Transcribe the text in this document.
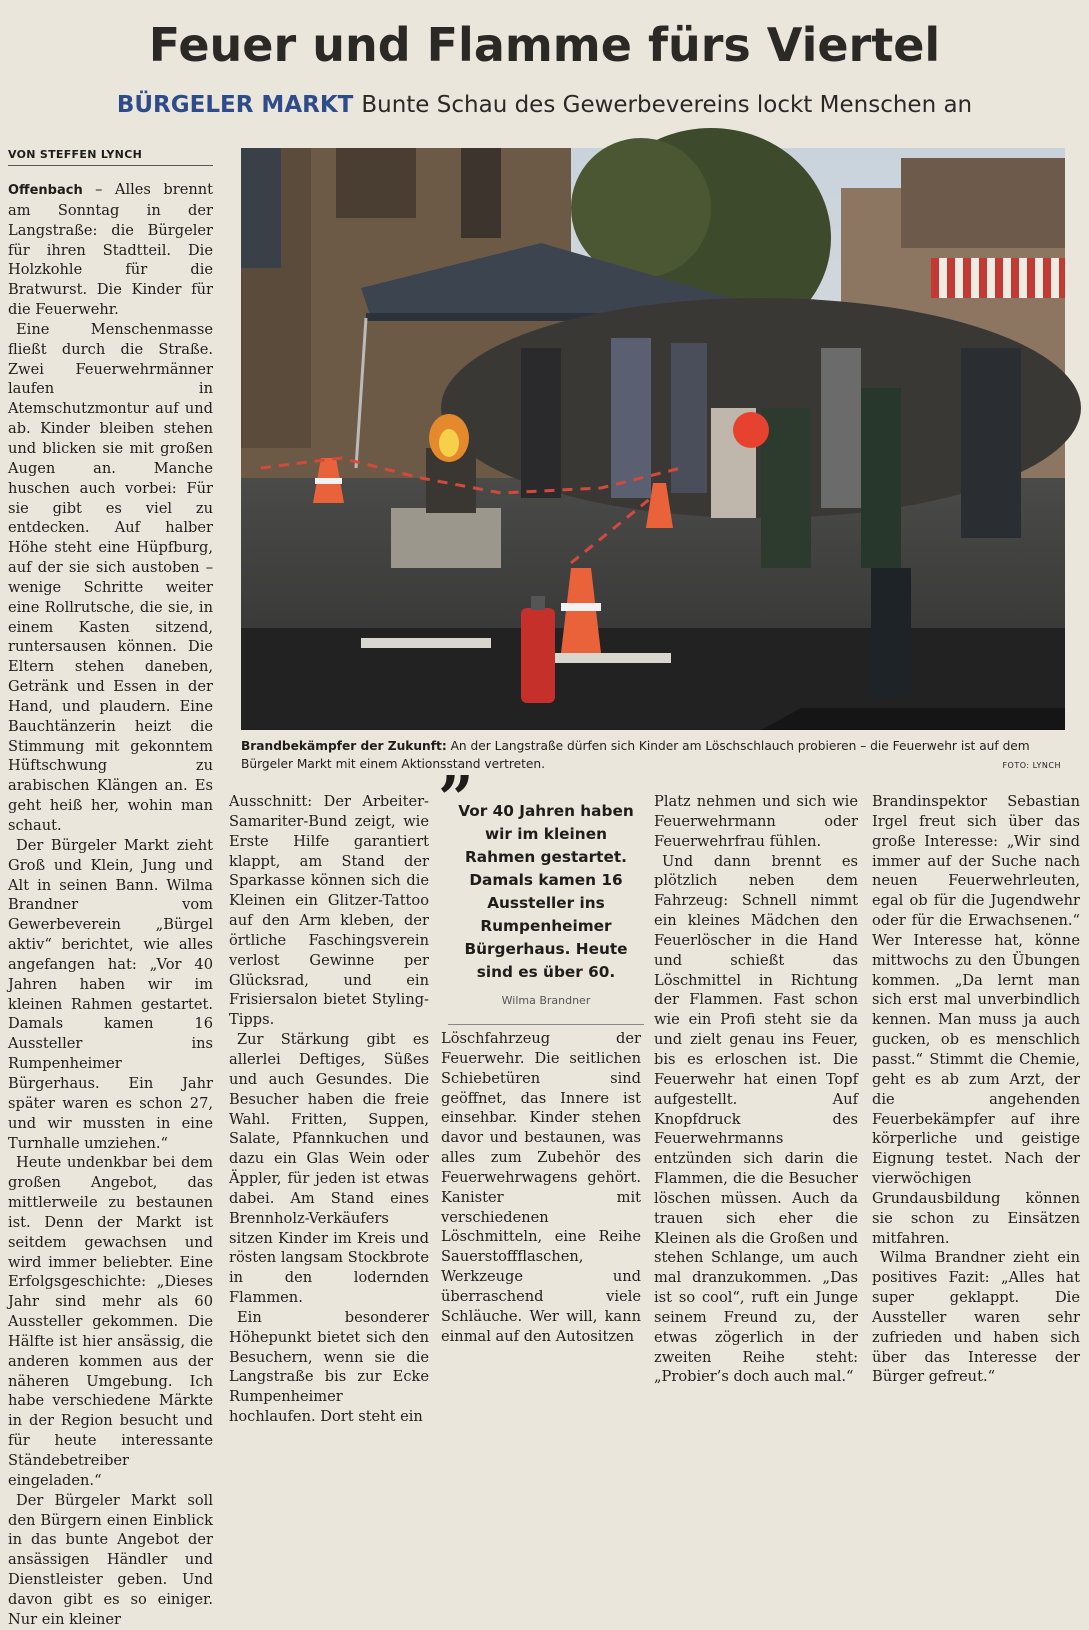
Feuer und Flamme fürs Viertel
BÜRGELER MARKT Bunte Schau des Gewerbevereins lockt Menschen an
VON STEFFEN LYNCH

Offenbach – Alles brennt am Sonntag in der Langstraße: die Bürgeler für ihren Stadtteil. Die Holzkohle für die Bratwurst. Die Kinder für die Feuerwehr.

Eine Menschenmasse fließt durch die Straße. Zwei Feuerwehrmänner laufen in Atemschutzmontur auf und ab. Kinder bleiben stehen und blicken sie mit großen Augen an. Manche huschen auch vorbei: Für sie gibt es viel zu entdecken. Auf halber Höhe steht eine Hüpfburg, auf der sie sich austoben – wenige Schritte weiter eine Rollrutsche, die sie, in einem Kasten sitzend, runtersausen können. Die Eltern stehen daneben, Getränk und Essen in der Hand, und plaudern. Eine Bauchtänzerin heizt die Stimmung mit gekonntem Hüftschwung zu arabischen Klängen an. Es geht heiß her, wohin man schaut.

Der Bürgeler Markt zieht Groß und Klein, Jung und Alt in seinen Bann. Wilma Brandner vom Gewerbeverein „Bürgel aktiv“ berichtet, wie alles angefangen hat: „Vor 40 Jahren haben wir im kleinen Rahmen gestartet. Damals kamen 16 Aussteller ins Rumpenheimer Bürgerhaus. Ein Jahr später waren es schon 27, und wir mussten in eine Turnhalle umziehen.“

Heute undenkbar bei dem großen Angebot, das mittlerweile zu bestaunen ist. Denn der Markt ist seitdem gewachsen und wird immer beliebter. Eine Erfolgsgeschichte: „Dieses Jahr sind mehr als 60 Aussteller gekommen. Die Hälfte ist hier ansässig, die anderen kommen aus der näheren Umgebung. Ich habe verschiedene Märkte in der Region besucht und für heute interessante Ständebetreiber eingeladen.“

Der Bürgeler Markt soll den Bürgern einen Einblick in das bunte Angebot der ansässigen Händler und Dienstleister geben. Und davon gibt es so einiger. Nur ein kleiner

Brandbekämpfer der Zukunft: An der Langstraße dürfen sich Kinder am Löschschlauch probieren – die Feuerwehr ist auf dem Bürgeler Markt mit einem Aktionsstand vertreten.	FOTO: LYNCH

Ausschnitt: Der Arbeiter-Samariter-Bund zeigt, wie Erste Hilfe garantiert klappt, am Stand der Sparkasse können sich die Kleinen ein Glitzer-Tattoo auf den Arm kleben, der örtliche Faschingsverein verlost Gewinne per Glücksrad, und ein Frisiersalon bietet Styling-Tipps.

Zur Stärkung gibt es allerlei Deftiges, Süßes und auch Gesundes. Die Besucher haben die freie Wahl. Fritten, Suppen, Salate, Pfannkuchen und dazu ein Glas Wein oder Äppler, für jeden ist etwas dabei. Am Stand eines Brennholz-Verkäufers sitzen Kinder im Kreis und rösten langsam Stockbrote in den lodernden Flammen.

Ein besonderer Höhepunkt bietet sich den Besuchern, wenn sie die Langstraße bis zur Ecke Rumpenheimer hochlaufen. Dort steht ein

”
Vor 40 Jahren haben wir im kleinen Rahmen gestartet. Damals kamen 16 Aussteller ins Rumpenheimer Bürgerhaus. Heute sind es über 60.
Wilma Brandner

Löschfahrzeug der Feuerwehr. Die seitlichen Schiebetüren sind geöffnet, das Innere ist einsehbar. Kinder stehen davor und bestaunen, was alles zum Zubehör des Feuerwehrwagens gehört. Kanister mit verschiedenen Löschmitteln, eine Reihe Sauerstoffflaschen, Werkzeuge und überraschend viele Schläuche. Wer will, kann einmal auf den Autositzen

Platz nehmen und sich wie Feuerwehrmann oder Feuerwehrfrau fühlen.

Und dann brennt es plötzlich neben dem Fahrzeug: Schnell nimmt ein kleines Mädchen den Feuerlöscher in die Hand und schießt das Löschmittel in Richtung der Flammen. Fast schon wie ein Profi steht sie da und zielt genau ins Feuer, bis es erloschen ist. Die Feuerwehr hat einen Topf aufgestellt. Auf Knopfdruck des Feuerwehrmanns entzünden sich darin die Flammen, die die Besucher löschen müssen. Auch da trauen sich eher die Kleinen als die Großen und stehen Schlange, um auch mal dranzukommen. „Das ist so cool“, ruft ein Junge seinem Freund zu, der etwas zögerlich in der zweiten Reihe steht: „Probier’s doch auch mal.“

Brandinspektor Sebastian Irgel freut sich über das große Interesse: „Wir sind immer auf der Suche nach neuen Feuerwehrleuten, egal ob für die Jugendwehr oder für die Erwachsenen.“ Wer Interesse hat, könne mittwochs zu den Übungen kommen. „Da lernt man sich erst mal unverbindlich kennen. Man muss ja auch gucken, ob es menschlich passt.“ Stimmt die Chemie, geht es ab zum Arzt, der die angehenden Feuerbekämpfer auf ihre körperliche und geistige Eignung testet. Nach der vierwöchigen Grundausbildung können sie schon zu Einsätzen mitfahren.

Wilma Brandner zieht ein positives Fazit: „Alles hat super geklappt. Die Aussteller waren sehr zufrieden und haben sich über das Interesse der Bürger gefreut.“
